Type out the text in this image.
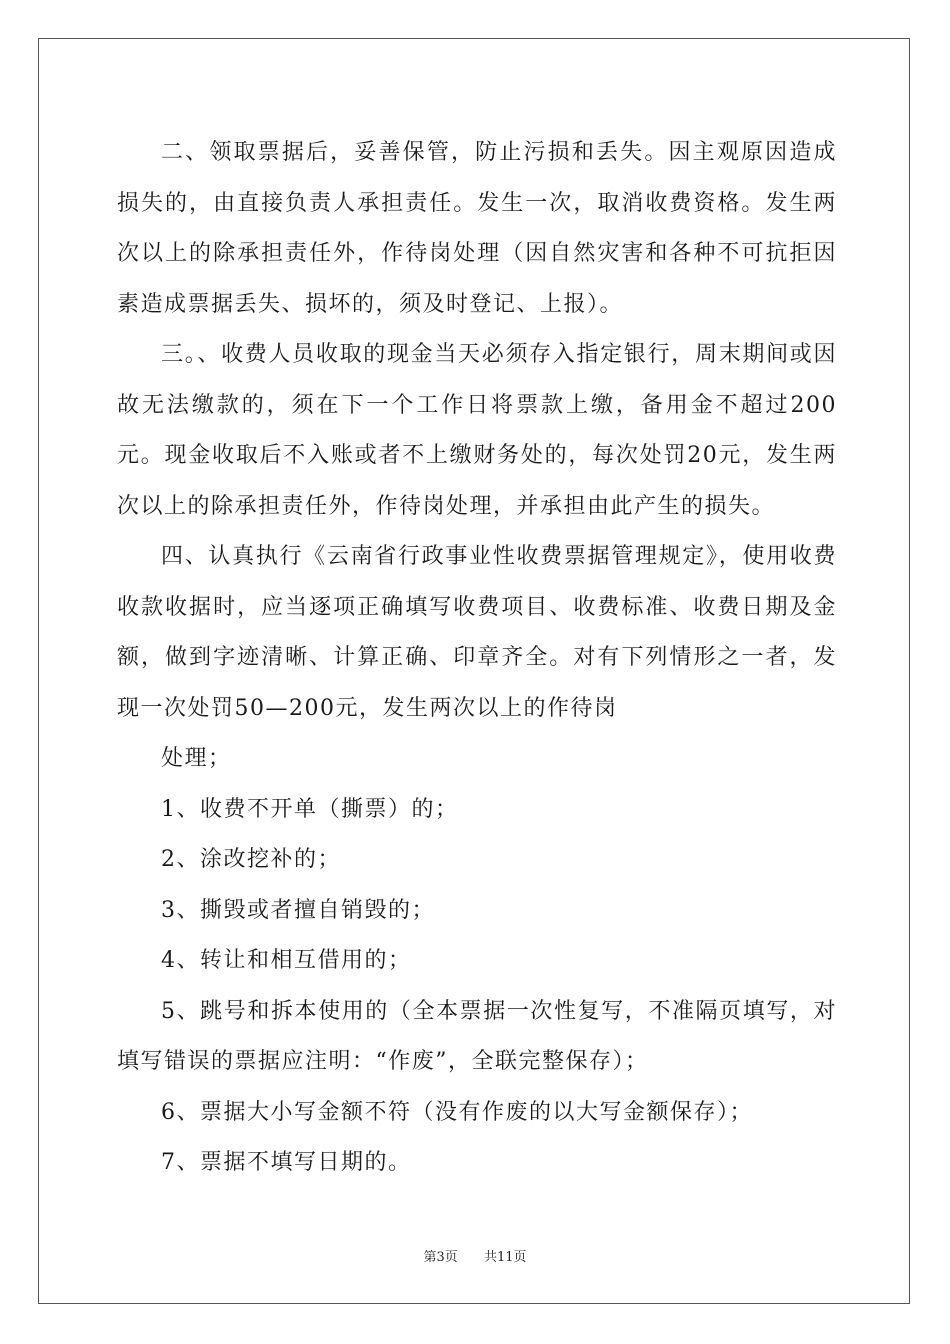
二、领取票据后，妥善保管，防止污损和丢失。因主观原因造成损失的，由直接负责人承担责任。发生一次，取消收费资格。发生两次以上的除承担责任外，作待岗处理（因自然灾害和各种不可抗拒因素造成票据丢失、损坏的，须及时登记、上报）。

三。、收费人员收取的现金当天必须存入指定银行，周末期间或因故无法缴款的，须在下一个工作日将票款上缴，备用金不超过200元。现金收取后不入账或者不上缴财务处的，每次处罚20元，发生两次以上的除承担责任外，作待岗处理，并承担由此产生的损失。

四、认真执行《云南省行政事业性收费票据管理规定》，使用收费收款收据时，应当逐项正确填写收费项目、收费标准、收费日期及金额，做到字迹清晰、计算正确、印章齐全。对有下列情形之一者，发现一次处罚50—200元，发生两次以上的作待岗

处理；

1、收费不开单（撕票）的；

2、涂改挖补的；

3、撕毁或者擅自销毁的；

4、转让和相互借用的；

5、跳号和拆本使用的（全本票据一次性复写，不准隔页填写，对填写错误的票据应注明：“作废”，全联完整保存）；

6、票据大小写金额不符（没有作废的以大写金额保存）；

7、票据不填写日期的。

第3页 共11页
